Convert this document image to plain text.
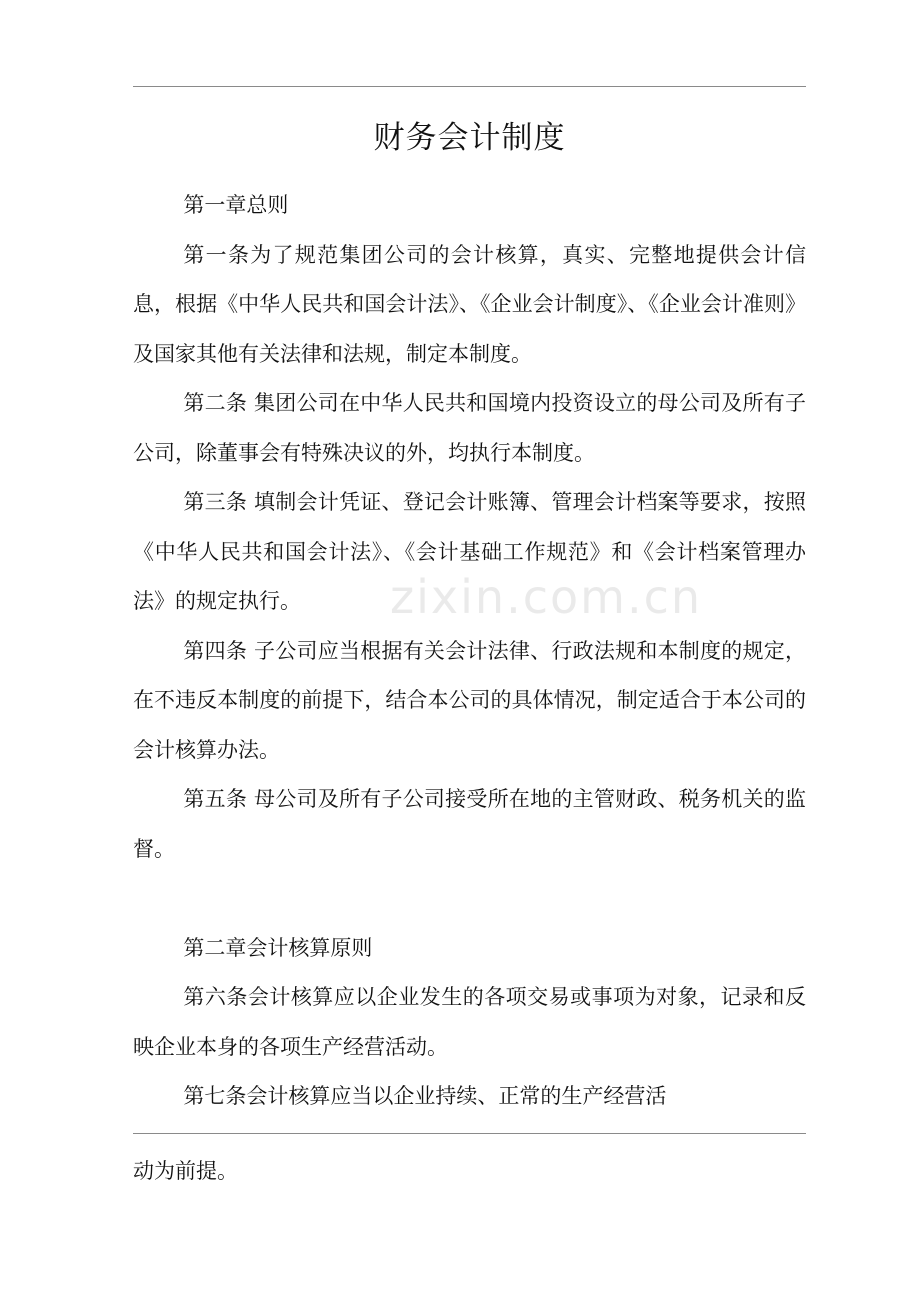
财务会计制度

第一章总则

第一条为了规范集团公司的会计核算，真实、完整地提供会计信息，根据《中华人民共和国会计法》、《企业会计制度》、《企业会计准则》及国家其他有关法律和法规，制定本制度。

第二条 集团公司在中华人民共和国境内投资设立的母公司及所有子公司，除董事会有特殊决议的外，均执行本制度。

第三条 填制会计凭证、登记会计账簿、管理会计档案等要求，按照《中华人民共和国会计法》、《会计基础工作规范》和《会计档案管理办法》的规定执行。

第四条 子公司应当根据有关会计法律、行政法规和本制度的规定，在不违反本制度的前提下，结合本公司的具体情况，制定适合于本公司的会计核算办法。

第五条 母公司及所有子公司接受所在地的主管财政、税务机关的监督。

第二章会计核算原则

第六条会计核算应以企业发生的各项交易或事项为对象，记录和反映企业本身的各项生产经营活动。

第七条会计核算应当以企业持续、正常的生产经营活

动为前提。

zixin.com.cn
